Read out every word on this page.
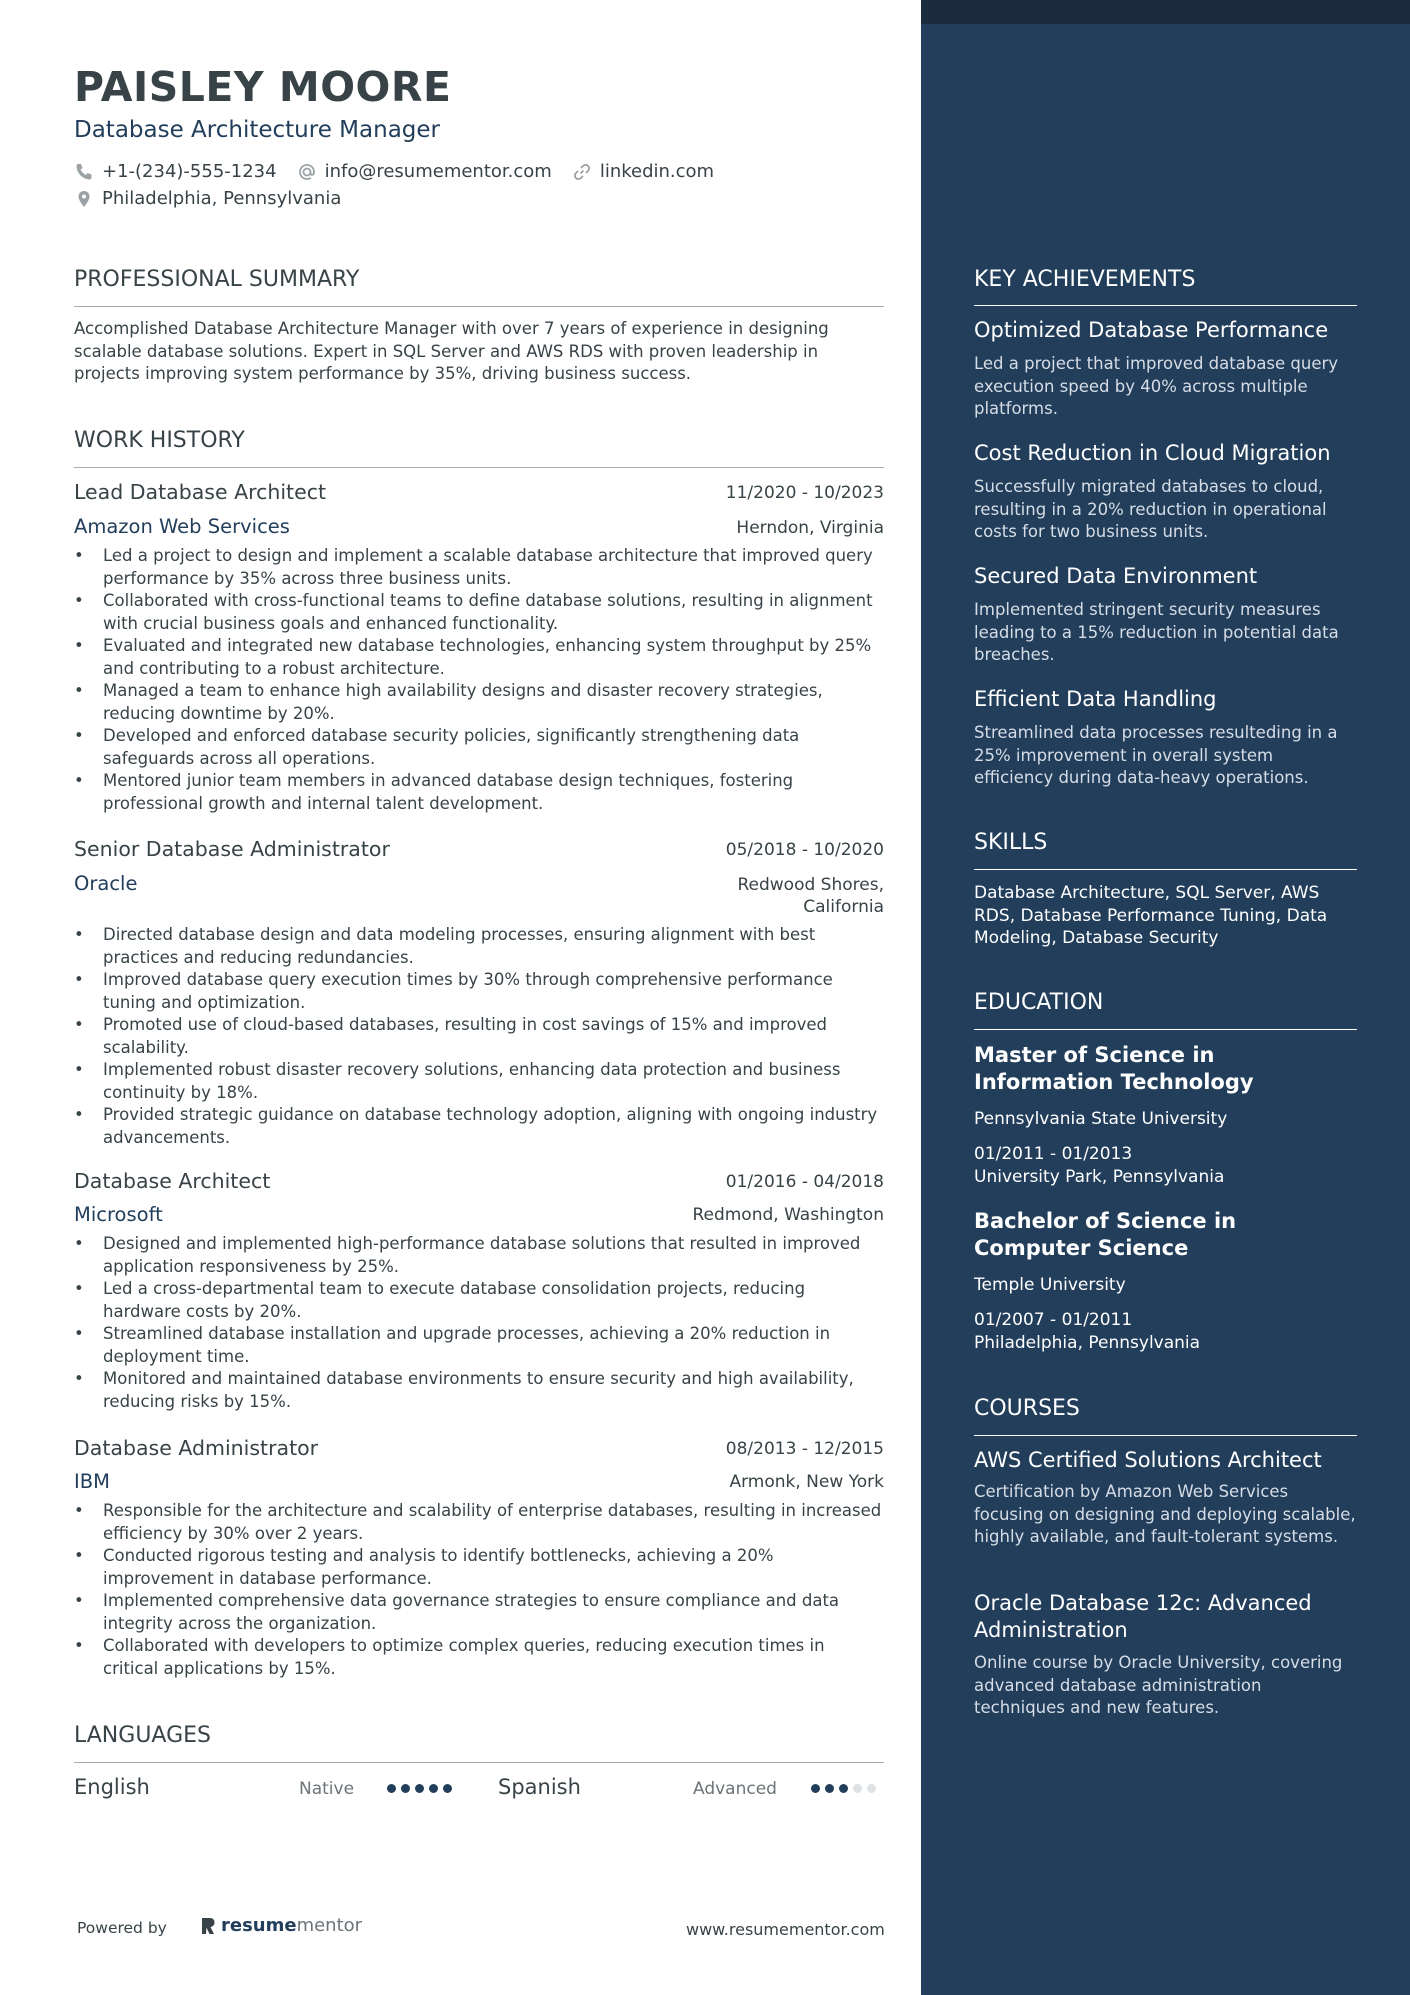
PAISLEY MOORE
Database Architecture Manager
+1-(234)-555-1234	info@resumementor.com	linkedin.com
Philadelphia, Pennsylvania
PROFESSIONAL SUMMARY

Accomplished Database Architecture Manager with over 7 years of experience in designing scalable database solutions. Expert in SQL Server and AWS RDS with proven leadership in projects improving system performance by 35%, driving business success.

WORK HISTORY
Lead Database Architect	11/2020 - 10/2023
Amazon Web Services	Herndon, Virginia
• Led a project to design and implement a scalable database architecture that improved query performance by 35% across three business units.
• Collaborated with cross-functional teams to define database solutions, resulting in alignment with crucial business goals and enhanced functionality.
• Evaluated and integrated new database technologies, enhancing system throughput by 25% and contributing to a robust architecture.
• Managed a team to enhance high availability designs and disaster recovery strategies, reducing downtime by 20%.
• Developed and enforced database security policies, significantly strengthening data safeguards across all operations.
• Mentored junior team members in advanced database design techniques, fostering professional growth and internal talent development.
Senior Database Administrator	05/2018 - 10/2020
Oracle	Redwood Shores,
California
• Directed database design and data modeling processes, ensuring alignment with best practices and reducing redundancies.
• Improved database query execution times by 30% through comprehensive performance tuning and optimization.
• Promoted use of cloud-based databases, resulting in cost savings of 15% and improved scalability.
• Implemented robust disaster recovery solutions, enhancing data protection and business continuity by 18%.
• Provided strategic guidance on database technology adoption, aligning with ongoing industry advancements.
Database Architect	01/2016 - 04/2018
Microsoft	Redmond, Washington
• Designed and implemented high-performance database solutions that resulted in improved application responsiveness by 25%.
• Led a cross-departmental team to execute database consolidation projects, reducing hardware costs by 20%.
• Streamlined database installation and upgrade processes, achieving a 20% reduction in deployment time.
• Monitored and maintained database environments to ensure security and high availability, reducing risks by 15%.
Database Administrator	08/2013 - 12/2015
IBM	Armonk, New York
• Responsible for the architecture and scalability of enterprise databases, resulting in increased efficiency by 30% over 2 years.
• Conducted rigorous testing and analysis to identify bottlenecks, achieving a 20% improvement in database performance.
• Implemented comprehensive data governance strategies to ensure compliance and data integrity across the organization.
• Collaborated with developers to optimize complex queries, reducing execution times in critical applications by 15%.
LANGUAGES
English	Native	Spanish	Advanced
Powered by	resume mentor	www.resumementor.com
KEY ACHIEVEMENTS

Optimized Database Performance

Led a project that improved database query execution speed by 40% across multiple platforms.

Cost Reduction in Cloud Migration

Successfully migrated databases to cloud, resulting in a 20% reduction in operational costs for two business units.

Secured Data Environment

Implemented stringent security measures leading to a 15% reduction in potential data breaches.

Efficient Data Handling

Streamlined data processes resulteding in a 25% improvement in overall system efficiency during data-heavy operations.

SKILLS

Database Architecture, SQL Server, AWS RDS, Database Performance Tuning, Data Modeling, Database Security

EDUCATION

Master of Science in Information Technology

Pennsylvania State University

01/2011 - 01/2013

University Park, Pennsylvania

Bachelor of Science in Computer Science

Temple University

01/2007 - 01/2011

Philadelphia, Pennsylvania

COURSES

AWS Certified Solutions Architect

Certification by Amazon Web Services focusing on designing and deploying scalable, highly available, and fault-tolerant systems.

Oracle Database 12c: Advanced Administration

Online course by Oracle University, covering advanced database administration techniques and new features.
